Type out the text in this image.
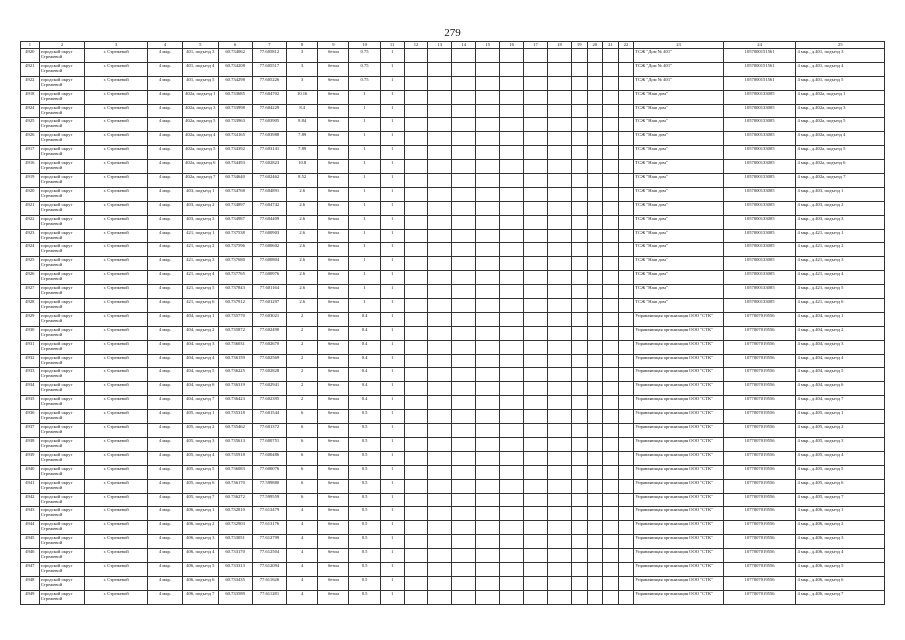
279
1	2	3	4	5	6	7	8	9	10	11	12	13	14	15	16	17	18	19	20	21	22	23	24	25
4920	городской округ Стрежевой	г. Стрежевой	4 мкр.	401, подъезд 3	60.734062	77.605812	3	бетон	0.75	1												ТСЖ "Дом № 401"	1057000151561	4 мкр., д.401, подъезд 3
4921	городской округ Стрежевой	г. Стрежевой	4 мкр.	401, подъезд 4	60.734208	77.605517	3	бетон	0.75	1												ТСЖ "Дом № 401"	1057000151561	4 мкр., д.401, подъезд 4
4922	городской округ Стрежевой	г. Стрежевой	4 мкр.	401, подъезд 5	60.734298	77.605226	3	бетон	0.75	1												ТСЖ "Дом № 401"	1057000151561	4 мкр., д.401, подъезд 5
4918	городской округ Стрежевой	г. Стрежевой	4 мкр.	402а, подъезд 1	60.733685	77.604702	10.16	бетон	1	1												ТСЖ "Наш дом"	1057000133005	4 мкр., д.402а, подъезд 1
4924	городской округ Стрежевой	г. Стрежевой	4 мкр.	402а, подъезд 3	60.733998	77.604229	8.4	бетон	1	1												ТСЖ "Наш дом"	1057000133005	4 мкр., д.402а, подъезд 3
4925	городской округ Стрежевой	г. Стрежевой	4 мкр.	402а, подъезд 5	60.733963	77.603905	8.84	бетон	1	1												ТСЖ "Наш дом"	1057000133005	4 мкр., д.402а, подъезд 5
4926	городской округ Стрежевой	г. Стрежевой	4 мкр.	402а, подъезд 4	60.734165	77.603988	7.89	бетон	1	1												ТСЖ "Наш дом"	1057000133005	4 мкр., д.402а, подъезд 4
4917	городской округ Стрежевой	г. Стрежевой	4 мкр.	402а, подъезд 5	60.734392	77.603141	7.89	бетон	1	1												ТСЖ "Наш дом"	1057000133005	4 мкр., д.402а, подъезд 5
4916	городской округ Стрежевой	г. Стрежевой	4 мкр.	402а, подъезд 6	60.734493	77.602823	10.8	бетон	1	1												ТСЖ "Наш дом"	1057000133005	4 мкр., д.402а, подъезд 6
4919	городской округ Стрежевой	г. Стрежевой	4 мкр.	402а, подъезд 7	60.734640	77.602462	8.52	бетон	1	1												ТСЖ "Наш дом"	1057000133005	4 мкр., д.402а, подъезд 7
4920	городской округ Стрежевой	г. Стрежевой	4 мкр.	403, подъезд 1	60.734768	77.604891	2.6	бетон	1	1												ТСЖ "Наш дом"	1057000133005	4 мкр., д.403, подъезд 1
4921	городской округ Стрежевой	г. Стрежевой	4 мкр.	403, подъезд 2	60.734897	77.604742	2.6	бетон	1	1												ТСЖ "Наш дом"	1057000133005	4 мкр., д.403, подъезд 2
4922	городской округ Стрежевой	г. Стрежевой	4 мкр.	403, подъезд 3	60.734987	77.604409	2.6	бетон	1	1												ТСЖ "Наш дом"	1057000133005	4 мкр., д.403, подъезд 3
4923	городской округ Стрежевой	г. Стрежевой	4 мкр.	421, подъезд 1	60.737538	77.600903	2.6	бетон	1	1												ТСЖ "Наш дом"	1057000133005	4 мкр., д.421, подъезд 1
4924	городской округ Стрежевой	г. Стрежевой	4 мкр.	421, подъезд 2	60.737596	77.600602	2.6	бетон	1	1												ТСЖ "Наш дом"	1057000133005	4 мкр., д.421, подъезд 2
4925	городской округ Стрежевой	г. Стрежевой	4 мкр.	421, подъезд 3	60.737680	77.600804	2.6	бетон	1	1												ТСЖ "Наш дом"	1057000133005	4 мкр., д.421, подъезд 3
4926	городской округ Стрежевой	г. Стрежевой	4 мкр.	421, подъезд 4	60.737765	77.600976	2.6	бетон	1	1												ТСЖ "Наш дом"	1057000133005	4 мкр., д.421, подъезд 4
4927	городской округ Стрежевой	г. Стрежевой	4 мкр.	421, подъезд 5	60.737843	77.601164	2.6	бетон	1	1												ТСЖ "Наш дом"	1057000133005	4 мкр., д.421, подъезд 5
4928	городской округ Стрежевой	г. Стрежевой	4 мкр.	421, подъезд 6	60.737912	77.601297	2.6	бетон	1	1												ТСЖ "Наш дом"	1057000133005	4 мкр., д.421, подъезд 6
4929	городской округ Стрежевой	г. Стрежевой	4 мкр.	404, подъезд 1	60.735770	77.603021	2	бетон	0.4	1												Управляющая организация ООО "СТК"	1077007019556	4 мкр., д.404, подъезд 1
4930	городской округ Стрежевой	г. Стрежевой	4 мкр.	404, подъезд 2	60.735872	77.602490	2	бетон	0.4	1												Управляющая организация ООО "СТК"	1077007019556	4 мкр., д.404, подъезд 2
4931	городской округ Стрежевой	г. Стрежевой	4 мкр.	404, подъезд 3	60.736031	77.602670	2	бетон	0.4	1												Управляющая организация ООО "СТК"	1077007019556	4 мкр., д.404, подъезд 3
4932	городской округ Стрежевой	г. Стрежевой	4 мкр.	404, подъезд 4	60.736159	77.602569	2	бетон	0.4	1												Управляющая организация ООО "СТК"	1077007019556	4 мкр., д.404, подъезд 4
4933	городской округ Стрежевой	г. Стрежевой	4 мкр.	404, подъезд 5	60.736225	77.602828	2	бетон	0.4	1												Управляющая организация ООО "СТК"	1077007019556	4 мкр., д.404, подъезд 5
4934	городской округ Стрежевой	г. Стрежевой	4 мкр.	404, подъезд 6	60.736319	77.602941	2	бетон	0.4	1												Управляющая организация ООО "СТК"	1077007019556	4 мкр., д.404, подъезд 6
4935	городской округ Стрежевой	г. Стрежевой	4 мкр.	404, подъезд 7	60.736423	77.602395	2	бетон	0.4	1												Управляющая организация ООО "СТК"	1077007019556	4 мкр., д.404, подъезд 7
4936	городской округ Стрежевой	г. Стрежевой	4 мкр.	405, подъезд 1	60.735318	77.601544	6	бетон	0.5	1												Управляющая организация ООО "СТК"	1077007019556	4 мкр., д.405, подъезд 1
4937	городской округ Стрежевой	г. Стрежевой	4 мкр.	405, подъезд 2	60.735462	77.601372	6	бетон	0.5	1												Управляющая организация ООО "СТК"	1077007019556	4 мкр., д.405, подъезд 2
4938	городской округ Стрежевой	г. Стрежевой	4 мкр.	405, подъезд 3	60.735613	77.600751	6	бетон	0.5	1												Управляющая организация ООО "СТК"	1077007019556	4 мкр., д.405, подъезд 3
4939	городской округ Стрежевой	г. Стрежевой	4 мкр.	405, подъезд 4	60.735918	77.600486	6	бетон	0.5	1												Управляющая организация ООО "СТК"	1077007019556	4 мкр., д.405, подъезд 4
4940	городской округ Стрежевой	г. Стрежевой	4 мкр.	405, подъезд 5	60.736083	77.600076	6	бетон	0.5	1												Управляющая организация ООО "СТК"	1077007019556	4 мкр., д.405, подъезд 5
4941	городской округ Стрежевой	г. Стрежевой	4 мкр.	405, подъезд 6	60.736170	77.599880	6	бетон	0.5	1												Управляющая организация ООО "СТК"	1077007019556	4 мкр., д.405, подъезд 6
4942	городской округ Стрежевой	г. Стрежевой	4 мкр.	405, подъезд 7	60.736272	77.599559	6	бетон	0.5	1												Управляющая организация ООО "СТК"	1077007019556	4 мкр., д.405, подъезд 7
4943	городской округ Стрежевой	г. Стрежевой	4 мкр.	406, подъезд 1	60.732810	77.613479	4	бетон	0.5	1												Управляющая организация ООО "СТК"	1077007019556	4 мкр., д.406, подъезд 1
4944	городской округ Стрежевой	г. Стрежевой	4 мкр.	406, подъезд 2	60.732903	77.613176	4	бетон	0.5	1												Управляющая организация ООО "СТК"	1077007019556	4 мкр., д.406, подъезд 2
4945	городской округ Стрежевой	г. Стрежевой	4 мкр.	406, подъезд 3	60.733051	77.612799	4	бетон	0.5	1												Управляющая организация ООО "СТК"	1077007019556	4 мкр., д.406, подъезд 3
4946	городской округ Стрежевой	г. Стрежевой	4 мкр.	406, подъезд 4	60.733170	77.612504	4	бетон	0.5	1												Управляющая организация ООО "СТК"	1077007019556	4 мкр., д.406, подъезд 4
4947	городской округ Стрежевой	г. Стрежевой	4 мкр.	406, подъезд 5	60.733313	77.612094	4	бетон	0.5	1												Управляющая организация ООО "СТК"	1077007019556	4 мкр., д.406, подъезд 5
4948	городской округ Стрежевой	г. Стрежевой	4 мкр.	406, подъезд 6	60.733435	77.611626	4	бетон	0.5	1												Управляющая организация ООО "СТК"	1077007019556	4 мкр., д.406, подъезд 6
4949	городской округ Стрежевой	г. Стрежевой	4 мкр.	406, подъезд 7	60.733589	77.611281	4	бетон	0.5	1												Управляющая организация ООО "СТК"	1077007019556	4 мкр., д.406, подъезд 7
